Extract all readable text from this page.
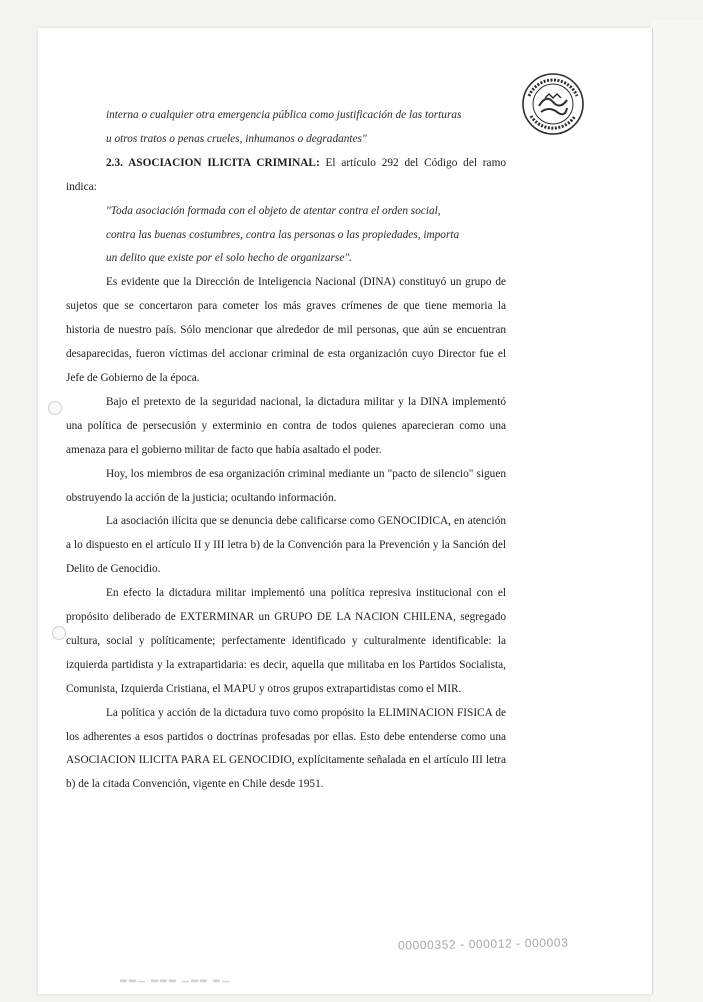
interna o cualquier otra emergencia pública como justificación de las torturas

u otros tratos o penas crueles, inhumanos o degradantes"

2.3. ASOCIACION ILICITA CRIMINAL: El artículo 292 del Código del ramo indica:

"Toda asociación formada con el objeto de atentar contra el orden social,

contra las buenas costumbres, contra las personas o las propiedades, importa

un delito que existe por el solo hecho de organizarse".

Es evidente que la Dirección de Inteligencia Nacional (DINA) constituyó un grupo de sujetos que se concertaron para cometer los más graves crímenes de que tiene memoria la historia de nuestro país. Sólo mencionar que alrededor de mil personas, que aún se encuentran desaparecidas, fueron víctimas del accionar criminal de esta organización cuyo Director fue el Jefe de Gobierno de la época.

Bajo el pretexto de la seguridad nacional, la dictadura militar y la DINA implementó una política de persecusión y exterminio en contra de todos quienes aparecieran como una amenaza para el gobierno militar de facto que había asaltado el poder.

Hoy, los miembros de esa organización criminal mediante un "pacto de silencio" siguen obstruyendo la acción de la justicia; ocultando información.

La asociación ilícita que se denuncia debe calificarse como GENOCIDICA, en atención a lo dispuesto en el artículo II y III letra b) de la Convención para la Prevención y la Sanción del Delito de Genocidio.

En efecto la dictadura militar implementó una política represiva institucional con el propósito deliberado de EXTERMINAR un GRUPO DE LA NACION CHILENA, segregado cultura, social y políticamente; perfectamente identificado y culturalmente identificable: la izquierda partidista y la extrapartidaria: es decir, aquella que militaba en los Partidos Socialista, Comunista, Izquierda Cristiana, el MAPU y otros grupos extrapartidistas como el MIR.

La política y acción de la dictadura tuvo como propósito la ELIMINACION FISICA de los adherentes a esos partidos o doctrinas profesadas por ellas. Esto debe entenderse como una ASOCIACION ILICITA PARA EL GENOCIDIO, explícitamente señalada en el artículo III letra b) de la citada Convención, vigente en Chile desde 1951.

00000352 - 000012 - 000003
▂▂▁ ▂▂▂ ▁▂▂ ▂▁
